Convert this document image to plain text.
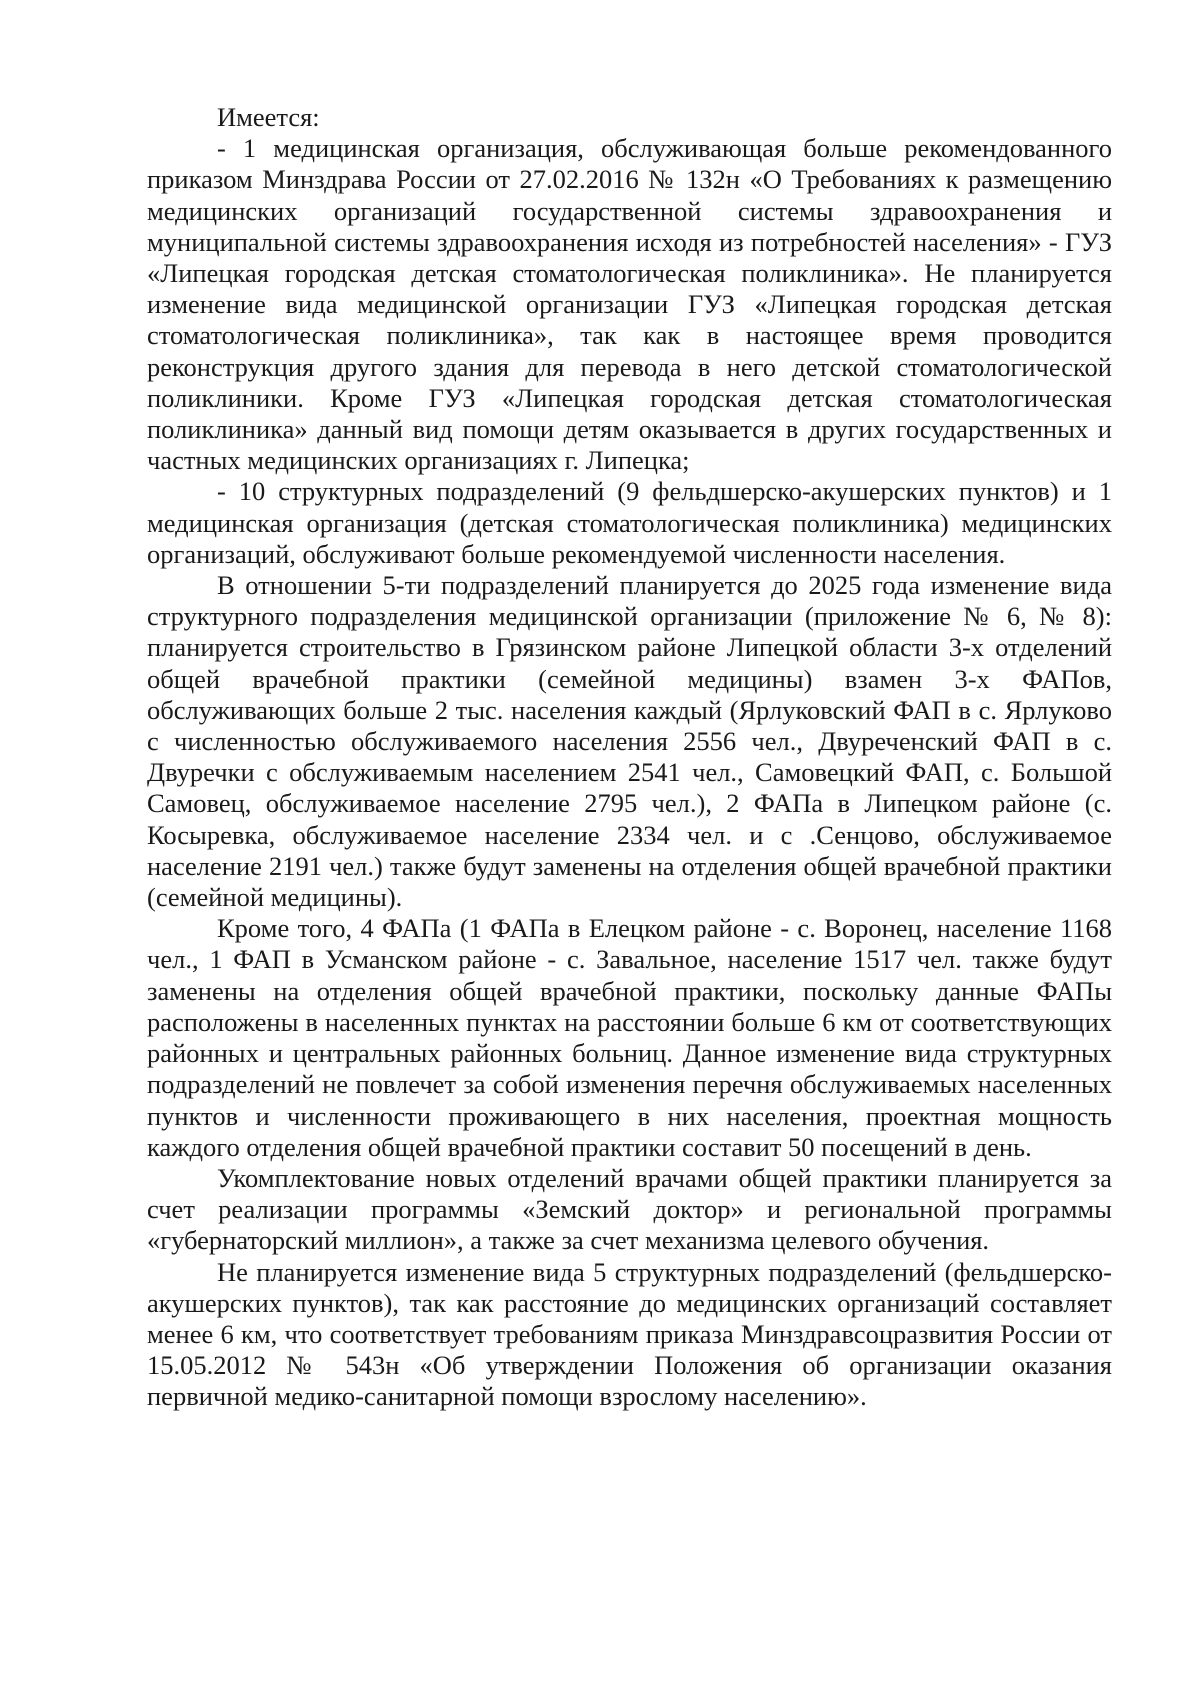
Имеется:

- 1 медицинская организация, обслуживающая больше рекомендованного приказом Минздрава России от 27.02.2016 № 132н «О Требованиях к размещению медицинских организаций государственной системы здравоохранения и муниципальной системы здравоохранения исходя из потребностей населения» - ГУЗ «Липецкая городская детская стоматологическая поликлиника». Не планируется изменение вида медицинской организации ГУЗ «Липецкая городская детская стоматологическая поликлиника», так как в настоящее время проводится реконструкция другого здания для перевода в него детской стоматологической поликлиники. Кроме ГУЗ «Липецкая городская детская стоматологическая поликлиника» данный вид помощи детям оказывается в других государственных и частных медицинских организациях г. Липецка;

- 10 структурных подразделений (9 фельдшерско-акушерских пунктов) и 1 медицинская организация (детская стоматологическая поликлиника) медицинских организаций, обслуживают больше рекомендуемой численности населения.

В отношении 5-ти подразделений планируется до 2025 года изменение вида структурного подразделения медицинской организации (приложение № 6, № 8): планируется строительство в Грязинском районе Липецкой области 3-х отделений общей врачебной практики (семейной медицины) взамен 3-х ФАПов, обслуживающих больше 2 тыс. населения каждый (Ярлуковский ФАП в с. Ярлуково с численностью обслуживаемого населения 2556 чел., Двуреченский ФАП в с. Двуречки с обслуживаемым населением 2541 чел., Самовецкий ФАП, с. Большой Самовец, обслуживаемое население 2795 чел.), 2 ФАПа в Липецком районе (с. Косыревка, обслуживаемое население 2334 чел. и с .Сенцово, обслуживаемое население 2191 чел.) также будут заменены на отделения общей врачебной практики (семейной медицины).

Кроме того, 4 ФАПа (1 ФАПа в Елецком районе - с. Воронец, население 1168 чел., 1 ФАП в Усманском районе - с. Завальное, население 1517 чел. также будут заменены на отделения общей врачебной практики, поскольку данные ФАПы расположены в населенных пунктах на расстоянии больше 6 км от соответствующих районных и центральных районных больниц. Данное изменение вида структурных подразделений не повлечет за собой изменения перечня обслуживаемых населенных пунктов и численности проживающего в них населения, проектная мощность каждого отделения общей врачебной практики составит 50 посещений в день.

Укомплектование новых отделений врачами общей практики планируется за счет реализации программы «Земский доктор» и региональной программы «губернаторский миллион», а также за счет механизма целевого обучения.

Не планируется изменение вида 5 структурных подразделений (фельдшерско-акушерских пунктов), так как расстояние до медицинских организаций составляет менее 6 км, что соответствует требованиям приказа Минздравсоцразвития России от 15.05.2012 № 543н «Об утверждении Положения об организации оказания первичной медико-санитарной помощи взрослому населению».
